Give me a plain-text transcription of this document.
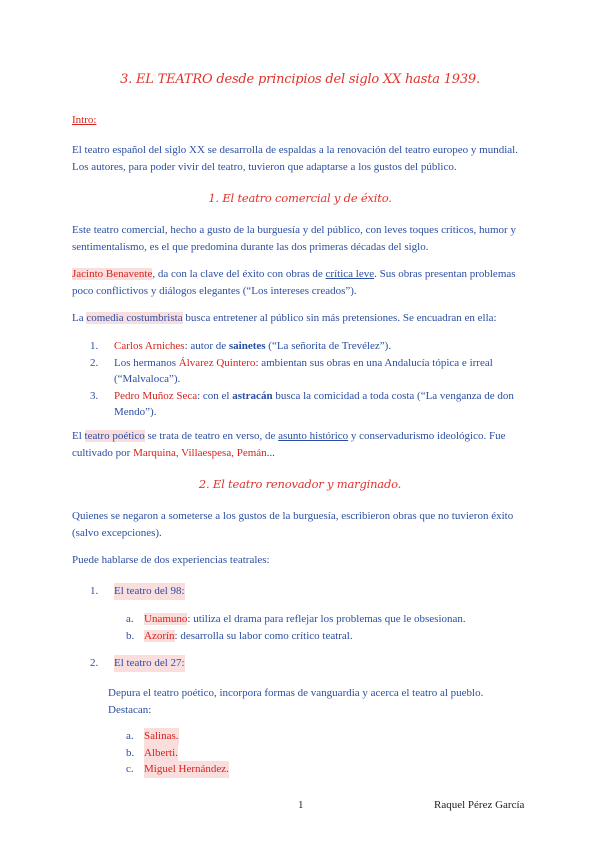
3. EL TEATRO desde principios del siglo XX hasta 1939.
Intro:
El teatro español del siglo XX se desarrolla de espaldas a la renovación del teatro europeo y mundial.
Los autores, para poder vivir del teatro, tuvieron que adaptarse a los gustos del público.
1. El teatro comercial y de éxito.
Este teatro comercial, hecho a gusto de la burguesía y del público, con leves toques críticos, humor y
sentimentalismo, es el que predomina durante las dos primeras décadas del siglo.
Jacinto Benavente, da con la clave del éxito con obras de crítica leve. Sus obras presentan problemas
poco conflictivos y diálogos elegantes (“Los intereses creados”).
La comedia costumbrista busca entretener al público sin más pretensiones. Se encuadran en ella:
1.	Carlos Arniches: autor de sainetes (“La señorita de Trevélez”).
2.	Los hermanos Álvarez Quintero: ambientan sus obras en una Andalucía tópica e irreal
(“Malvaloca”).
3.	Pedro Muñoz Seca: con el astracán busca la comicidad a toda costa (“La venganza de don
Mendo”).
El teatro poético se trata de teatro en verso, de asunto histórico y conservadurismo ideológico. Fue
cultivado por Marquina, Villaespesa, Pemán...
2. El teatro renovador y marginado.
Quienes se negaron a someterse a los gustos de la burguesía, escribieron obras que no tuvieron éxito
(salvo excepciones).
Puede hablarse de dos experiencias teatrales:
1.	El teatro del 98:
a. Unamuno: utiliza el drama para reflejar los problemas que le obsesionan.
b. Azorín: desarrolla su labor como crítico teatral.
2.	El teatro del 27:
Depura el teatro poético, incorpora formas de vanguardia y acerca el teatro al pueblo.
Destacan:
a. Salinas.
b. Alberti.
c. Miguel Hernández.
1	Raquel Pérez García
